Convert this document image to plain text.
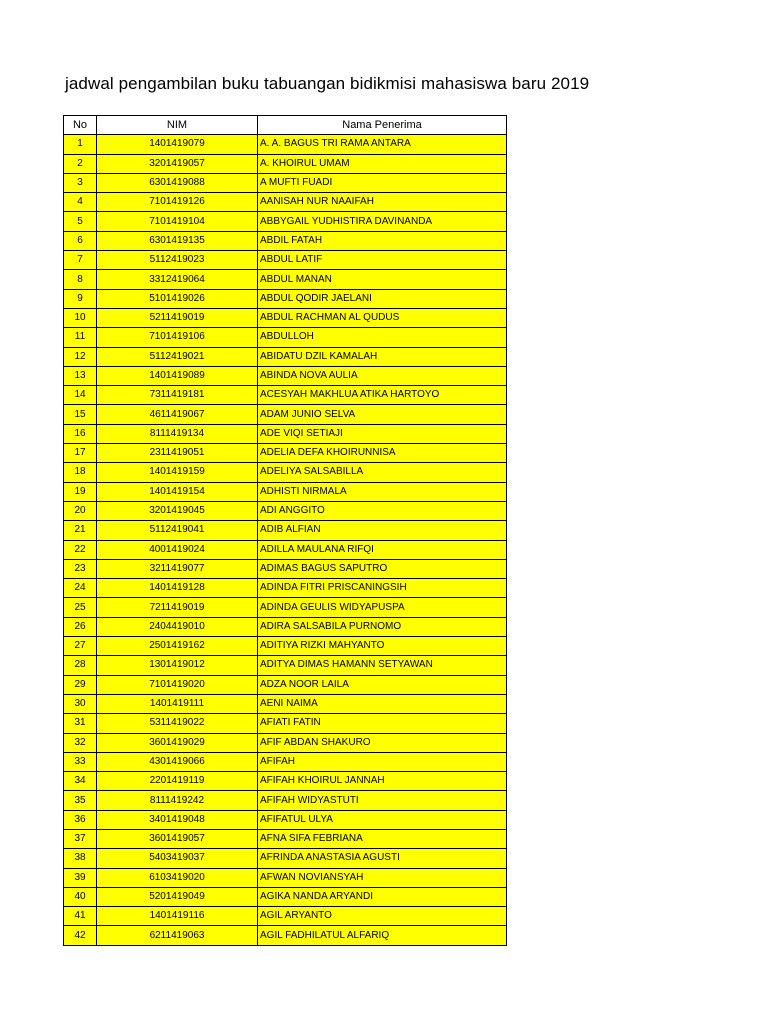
jadwal pengambilan buku tabuangan bidikmisi mahasiswa baru 2019
No	NIM	Nama Penerima
1	1401419079	A. A. BAGUS TRI RAMA ANTARA
2	3201419057	A. KHOIRUL UMAM
3	6301419088	A MUFTI FUADI
4	7101419126	AANISAH NUR NAAIFAH
5	7101419104	ABBYGAIL YUDHISTIRA DAVINANDA
6	6301419135	ABDIL FATAH
7	5112419023	ABDUL LATIF
8	3312419064	ABDUL MANAN
9	5101419026	ABDUL QODIR JAELANI
10	5211419019	ABDUL RACHMAN AL QUDUS
11	7101419106	ABDULLOH
12	5112419021	ABIDATU DZIL KAMALAH
13	1401419089	ABINDA NOVA AULIA
14	7311419181	ACESYAH MAKHLUA ATIKA HARTOYO
15	4611419067	ADAM JUNIO SELVA
16	8111419134	ADE VIQI SETIAJI
17	2311419051	ADELIA DEFA KHOIRUNNISA
18	1401419159	ADELIYA SALSABILLA
19	1401419154	ADHISTI NIRMALA
20	3201419045	ADI ANGGITO
21	5112419041	ADIB ALFIAN
22	4001419024	ADILLA MAULANA RIFQI
23	3211419077	ADIMAS BAGUS SAPUTRO
24	1401419128	ADINDA FITRI PRISCANINGSIH
25	7211419019	ADINDA GEULIS WIDYAPUSPA
26	2404419010	ADIRA SALSABILA PURNOMO
27	2501419162	ADITIYA RIZKI MAHYANTO
28	1301419012	ADITYA DIMAS HAMANN SETYAWAN
29	7101419020	ADZA NOOR LAILA
30	1401419111	AENI NAIMA
31	5311419022	AFIATI FATIN
32	3601419029	AFIF ABDAN SHAKURO
33	4301419066	AFIFAH
34	2201419119	AFIFAH KHOIRUL JANNAH
35	8111419242	AFIFAH WIDYASTUTI
36	3401419048	AFIFATUL ULYA
37	3601419057	AFNA SIFA FEBRIANA
38	5403419037	AFRINDA ANASTASIA AGUSTI
39	6103419020	AFWAN NOVIANSYAH
40	5201419049	AGIKA NANDA ARYANDI
41	1401419116	AGIL ARYANTO
42	6211419063	AGIL FADHILATUL ALFARIQ
